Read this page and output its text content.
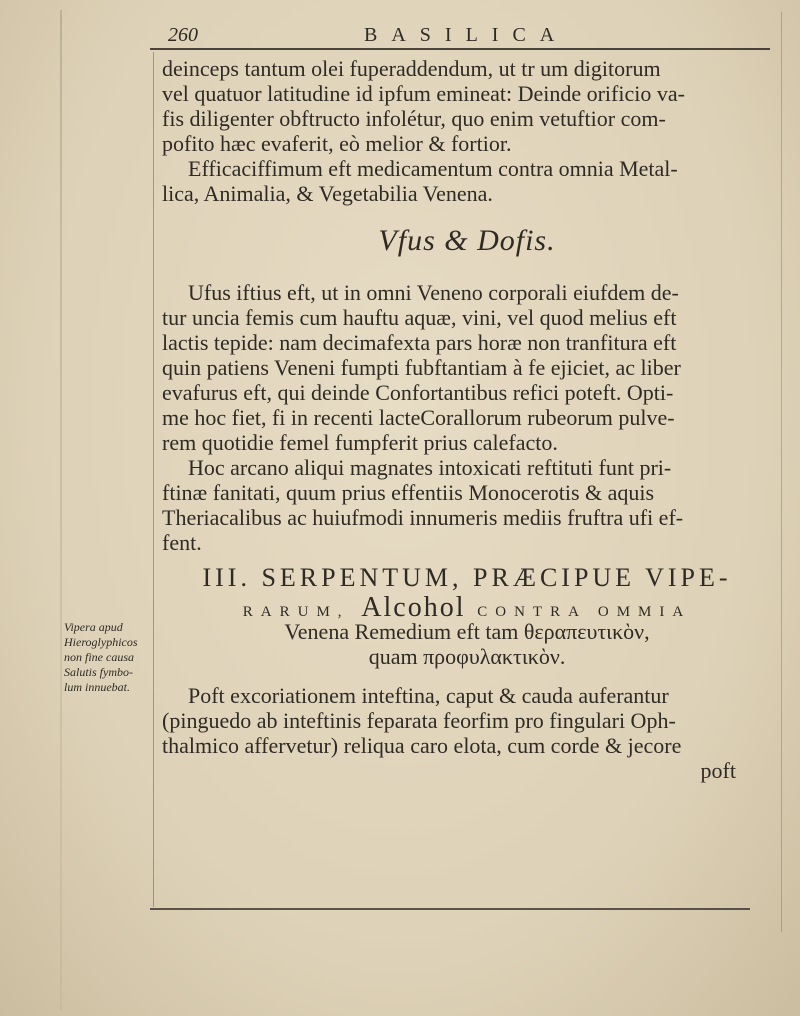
260	BASILICA
Vipera apud
Hieroglyphicos
non fine causa
Salutis fymbo-
lum innuebat.
deinceps tantum olei fuperaddendum, ut tr um digitorum
vel quatuor latitudine id ipfum emineat: Deinde orificio va-
fis diligenter obftructo infolétur, quo enim vetuftior com-
pofito hæc evaferit, eò melior & fortior.
Efficaciffimum eft medicamentum contra omnia Metal-
lica, Animalia, & Vegetabilia Venena.
Vfus & Dofis.
Ufus iftius eft, ut in omni Veneno corporali eiufdem de-
tur uncia femis cum hauftu aquæ, vini, vel quod melius eft
lactis tepide: nam decimafexta pars horæ non tranfitura eft
quin patiens Veneni fumpti fubftantiam à fe ejiciet, ac liber
evafurus eft, qui deinde Confortantibus refici poteft. Opti-
me hoc fiet, fi in recenti lacteCorallorum rubeorum pulve-
rem quotidie femel fumpferit prius calefacto.
Hoc arcano aliqui magnates intoxicati reftituti funt pri-
ftinæ fanitati, quum prius effentiis Monocerotis & aquis
Theriacalibus ac huiufmodi innumeris mediis fruftra ufi ef-
fent.
III. SERPENTUM, PRÆCIPUE VIPE-
RARUM, Alcohol CONTRA OMMIA
Venena Remedium eft tam θεραπευτικὸν,
quam προφυλακτικὸν.
Poft excoriationem inteftina, caput & cauda auferantur
(pinguedo ab inteftinis feparata feorfim pro fingulari Oph-
thalmico affervetur) reliqua caro elota, cum corde & jecore
poft
